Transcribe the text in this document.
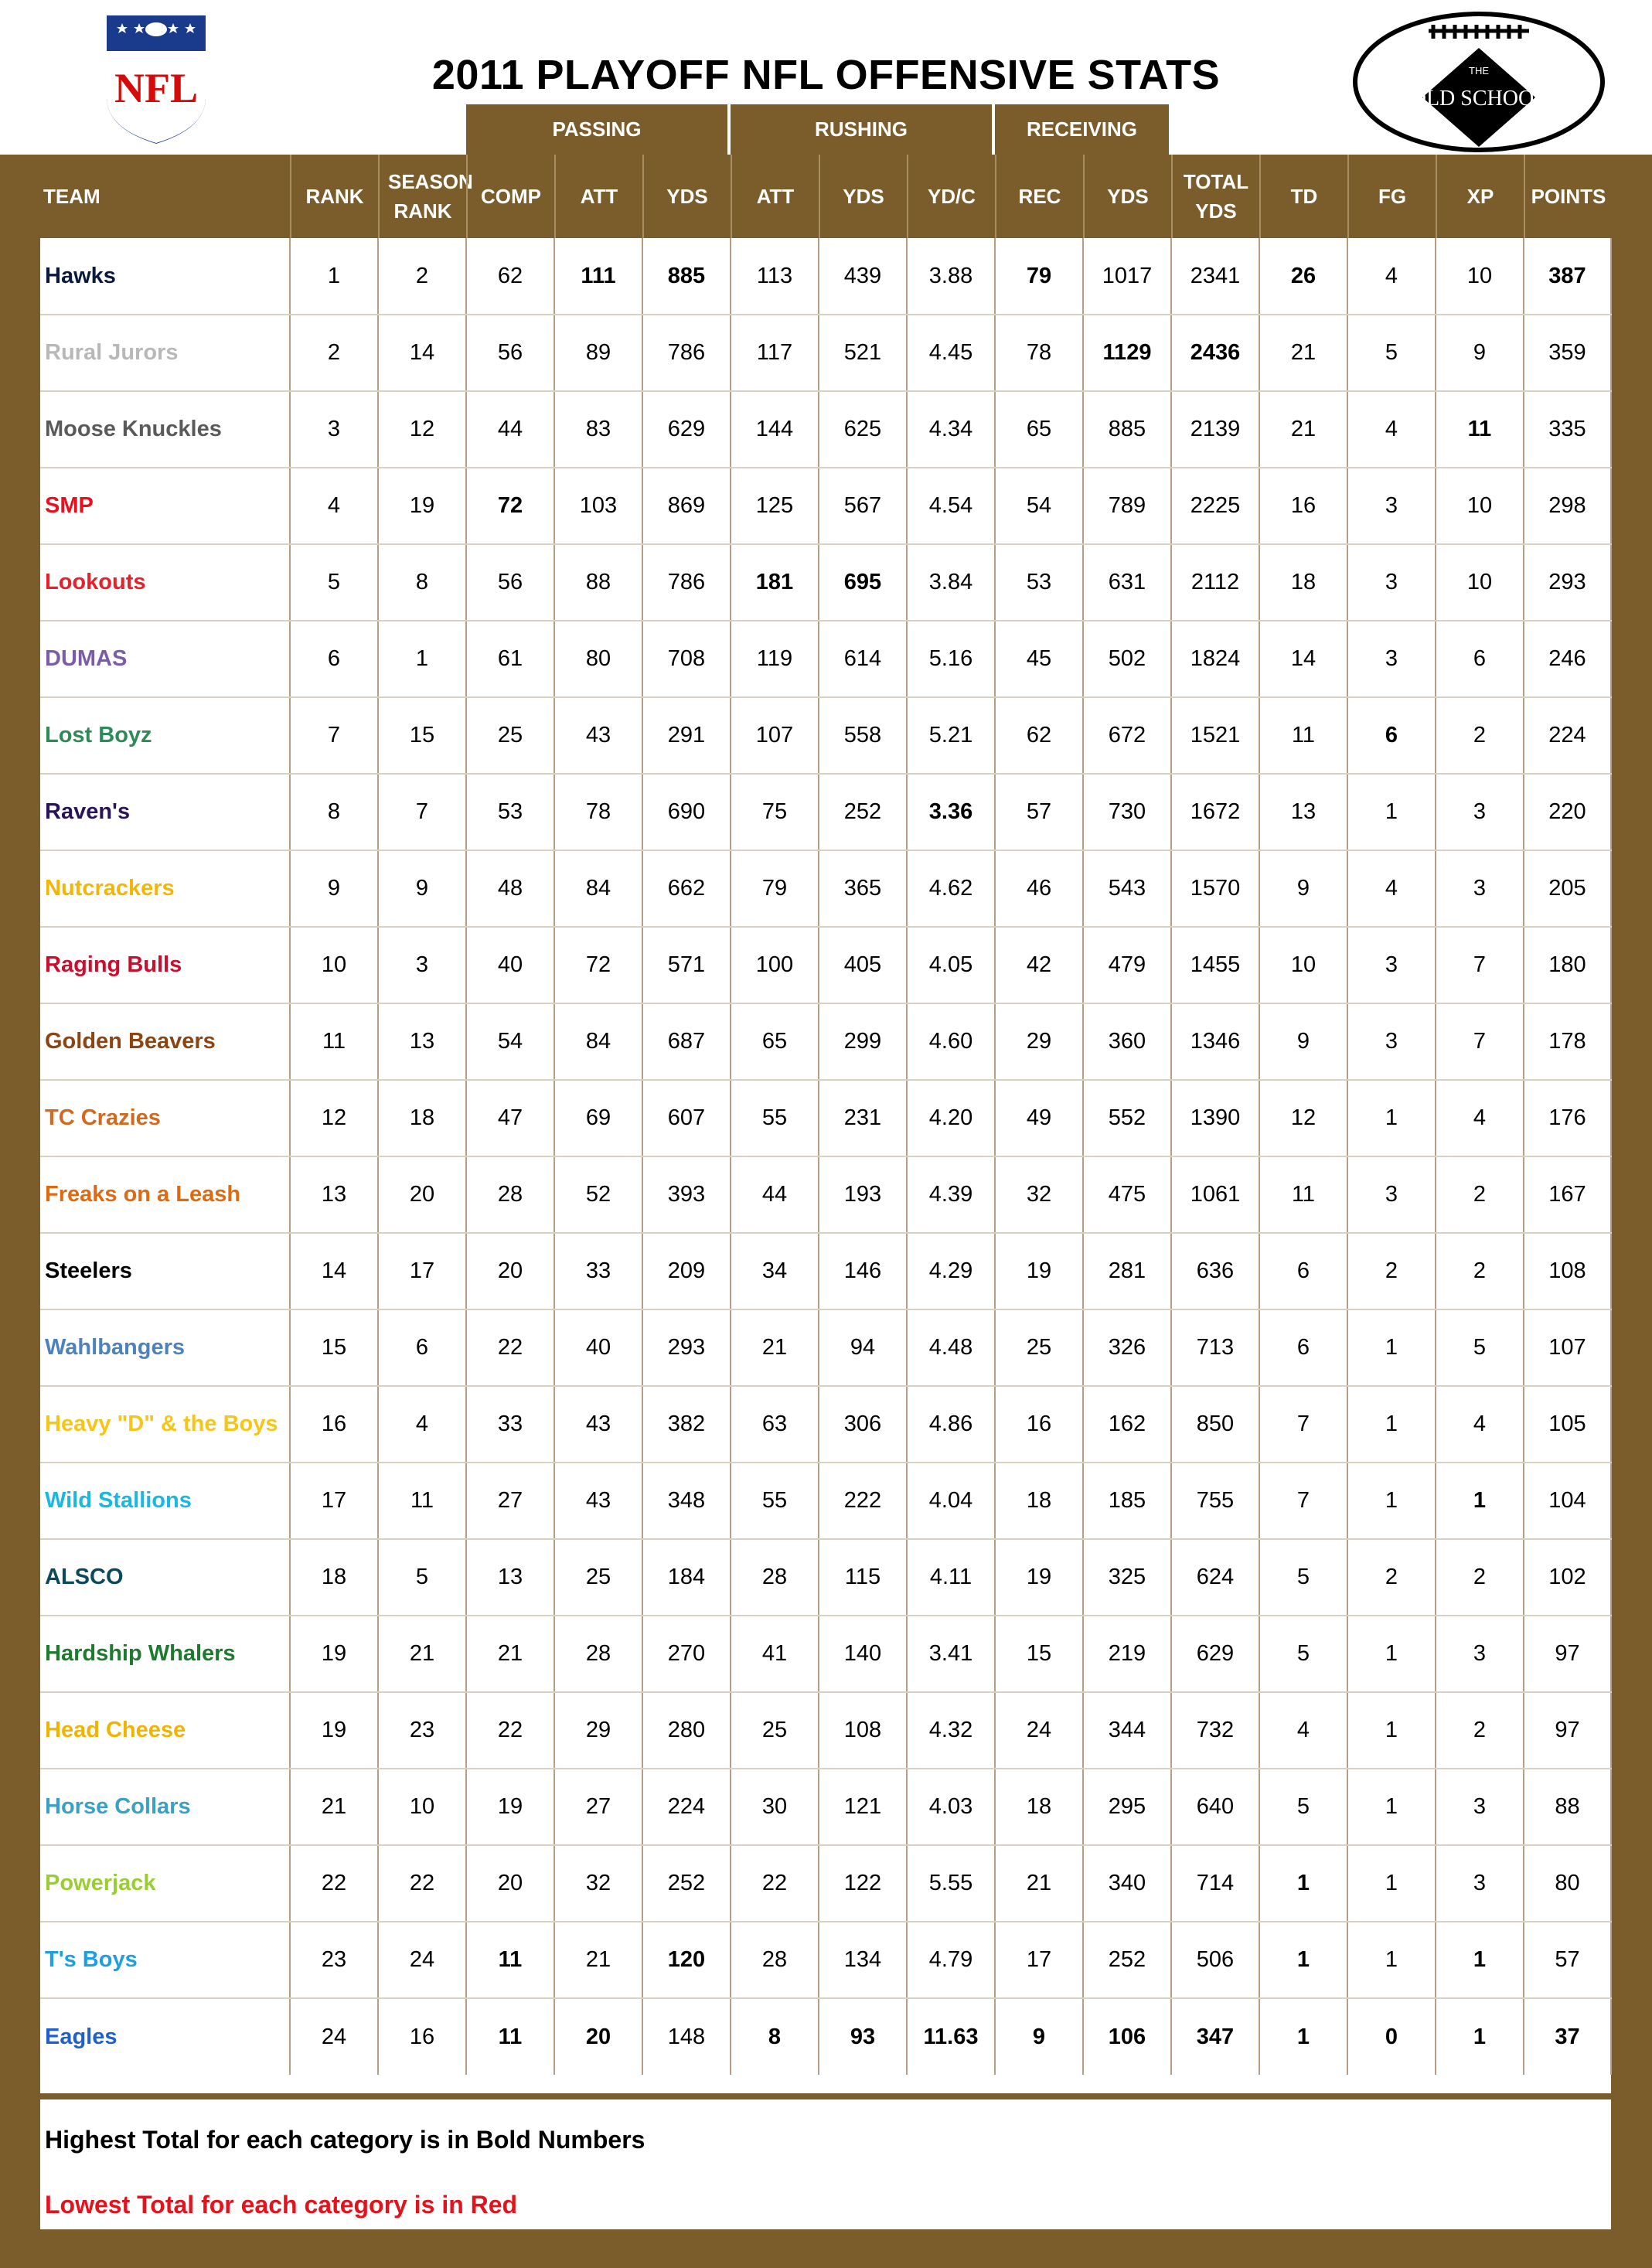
NFL	2011 PLAYOFF NFL OFFENSIVE STATS	THE
OLD SCHOOL
PASSING	RUSHING	RECEIVING
TEAM	RANK
SEASON RANK
COMP	ATT	YDS	ATT	YDS	YD/C	REC	YDS
TOTAL YDS
TD	FG	XP	POINTS
Hawks	1	2	62	111	885	113	439	3.88	79	1017	2341	26	4	10	387
Rural Jurors	2	14	56	89	786	117	521	4.45	78	1129	2436	21	5	9	359
Moose Knuckles	3	12	44	83	629	144	625	4.34	65	885	2139	21	4	11	335
SMP	4	19	72	103	869	125	567	4.54	54	789	2225	16	3	10	298
Lookouts	5	8	56	88	786	181	695	3.84	53	631	2112	18	3	10	293
DUMAS	6	1	61	80	708	119	614	5.16	45	502	1824	14	3	6	246
Lost Boyz	7	15	25	43	291	107	558	5.21	62	672	1521	11	6	2	224
Raven's	8	7	53	78	690	75	252	3.36	57	730	1672	13	1	3	220
Nutcrackers	9	9	48	84	662	79	365	4.62	46	543	1570	9	4	3	205
Raging Bulls	10	3	40	72	571	100	405	4.05	42	479	1455	10	3	7	180
Golden Beavers	11	13	54	84	687	65	299	4.60	29	360	1346	9	3	7	178
TC Crazies	12	18	47	69	607	55	231	4.20	49	552	1390	12	1	4	176
Freaks on a Leash	13	20	28	52	393	44	193	4.39	32	475	1061	11	3	2	167
Steelers	14	17	20	33	209	34	146	4.29	19	281	636	6	2	2	108
Wahlbangers	15	6	22	40	293	21	94	4.48	25	326	713	6	1	5	107
Heavy "D" & the Boys	16	4	33	43	382	63	306	4.86	16	162	850	7	1	4	105
Wild Stallions	17	11	27	43	348	55	222	4.04	18	185	755	7	1	1	104
ALSCO	18	5	13	25	184	28	115	4.11	19	325	624	5	2	2	102
Hardship Whalers	19	21	21	28	270	41	140	3.41	15	219	629	5	1	3	97
Head Cheese	19	23	22	29	280	25	108	4.32	24	344	732	4	1	2	97
Horse Collars	21	10	19	27	224	30	121	4.03	18	295	640	5	1	3	88
Powerjack	22	22	20	32	252	22	122	5.55	21	340	714	1	1	3	80
T's Boys	23	24	11	21	120	28	134	4.79	17	252	506	1	1	1	57
Eagles	24	16	11	20	148	8	93	11.63	9	106	347	1	0	1	37
Highest Total for each category is in Bold Numbers
Lowest Total for each category is in Red
